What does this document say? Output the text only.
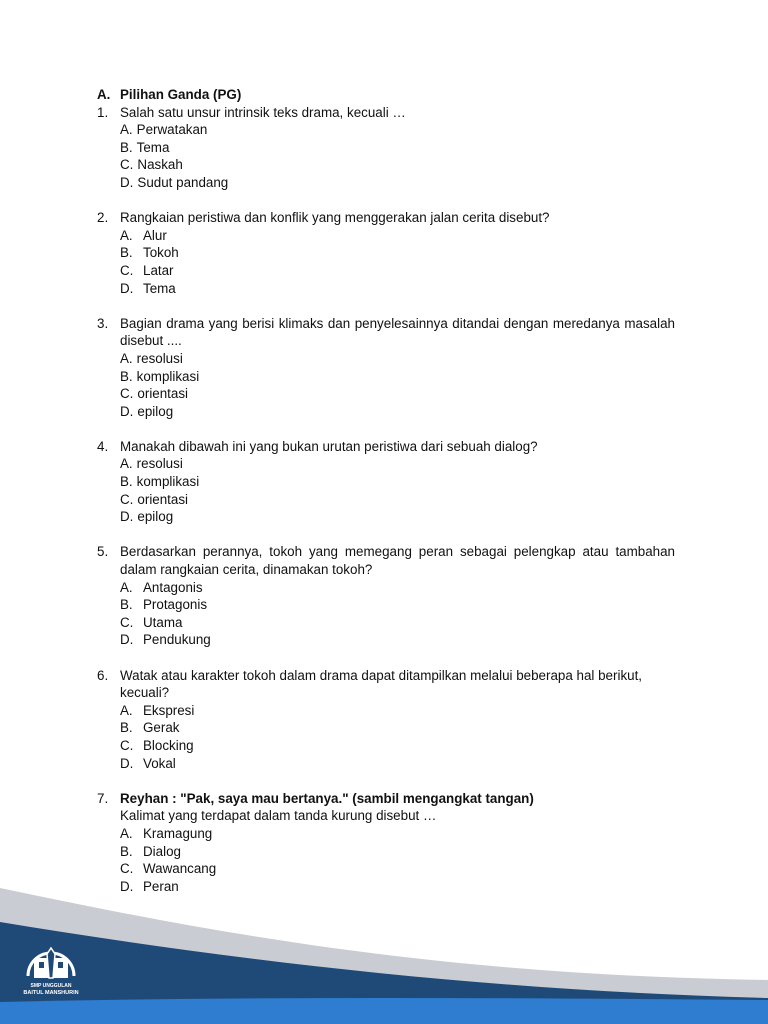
A. Pilihan Ganda (PG)
1. Salah satu unsur intrinsik teks drama, kecuali …
A. Perwatakan
B. Tema
C. Naskah
D. Sudut pandang
2. Rangkaian peristiwa dan konflik yang menggerakan jalan cerita disebut?
A. Alur
B. Tokoh
C. Latar
D. Tema
3. Bagian drama yang berisi klimaks dan penyelesainnya ditandai dengan meredanya masalah disebut ....
A. resolusi
B. komplikasi
C. orientasi
D. epilog
4. Manakah dibawah ini yang bukan urutan peristiwa dari sebuah dialog?
A. resolusi
B. komplikasi
C. orientasi
D. epilog
5. Berdasarkan perannya, tokoh yang memegang peran sebagai pelengkap atau tambahan dalam rangkaian cerita, dinamakan tokoh?
A. Antagonis
B. Protagonis
C. Utama
D. Pendukung
6. Watak atau karakter tokoh dalam drama dapat ditampilkan melalui beberapa hal berikut, kecuali?
A. Ekspresi
B. Gerak
C. Blocking
D. Vokal
7. Reyhan : "Pak, saya mau bertanya." (sambil mengangkat tangan)
Kalimat yang terdapat dalam tanda kurung disebut …
A. Kramagung
B. Dialog
C. Wawancang
D. Peran
SMP UNGGULAN
BAITUL MANSHURIN
